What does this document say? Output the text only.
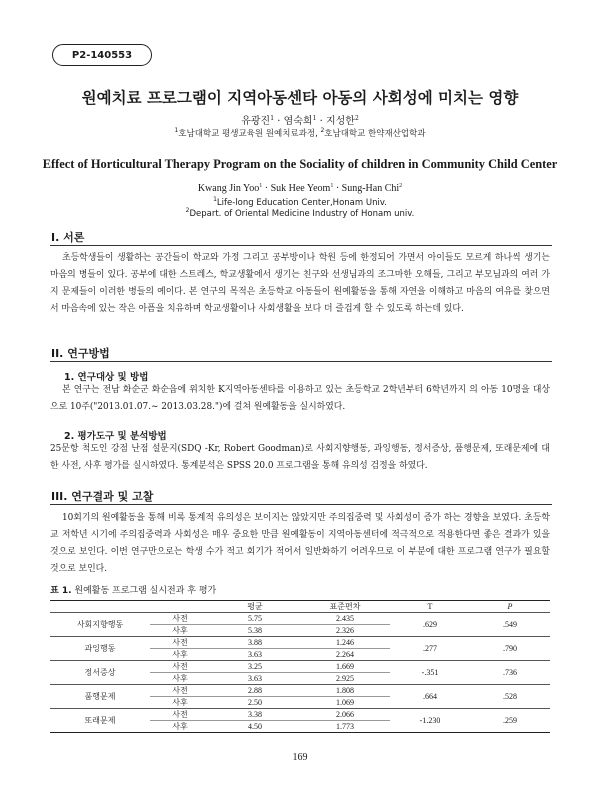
P2-140553
원예치료 프로그램이 지역아동센타 아동의 사회성에 미치는 영향
유광진$^1$ · 염숙희$^1$ · 지성한$^2$
$^1$호남대학교 평생교육원 원예치료과정, $^2$호남대학교 한약재산업학과
Effect of Horticultural Therapy Program on the Sociality of children in Community Child Center
Kwang Jin Yoo$^1$ · Suk Hee Yeom$^1$ · Sung-Han Chi$^2$
$^1$Life-long Education Center,Honam Univ.
$^2$Depart. of Oriental Medicine Industry of Honam univ.
I. 서론
초등학생들이 생활하는 공간들이 학교와 가정 그리고 공부방이나 학원 등에 한정되어 가면서 아이들도 모르게 하나씩 생기는 마음의 병들이 있다. 공부에 대한 스트레스, 학교생활에서 생기는 친구와 선생님과의 조그마한 오해들, 그리고 부모님과의 여러 가지 문제들이 이러한 병들의 예이다. 본 연구의 목적은 초등학교 아동들이 원예활동을 통해 자연을 이해하고 마음의 여유를 찾으면서 마음속에 있는 작은 아픔을 치유하며 학교생활이나 사회생활을 보다 더 즐겁게 할 수 있도록 하는데 있다.
II. 연구방법
1. 연구대상 및 방법
본 연구는 전남 화순군 화순읍에 위치한 K지역아동센타를 이용하고 있는 초등학교 2학년부터 6학년까지 의 아동 10명을 대상으로 10주("2013.01.07.~ 2013.03.28.")에 걸쳐 원예활동을 실시하였다.
2. 평가도구 및 분석방법
25문항 척도인 강점 난점 설문지(SDQ -Kr, Robert Goodman)로 사회지향행동, 과잉행동, 정서증상, 품행문제, 또래문제에 대한 사전, 사후 평가를 실시하였다. 통계분석은 SPSS 20.0 프로그램을 통해 유의성 검정을 하였다.
III. 연구결과 및 고찰
10회기의 원예활동을 통해 비록 통계적 유의성은 보이지는 않았지만 주의집중력 및 사회성이 증가 하는 경향을 보였다. 초등학교 저학년 시기에 주의집중력과 사회성은 매우 중요한 만큼 원예활동이 지역아동센터에 적극적으로 적용한다면 좋은 결과가 있을 것으로 보인다. 이번 연구만으로는 학생 수가 적고 회기가 적어서 일반화하기 어려우므로 이 부분에 대한 프로그램 연구가 필요할 것으로 보인다.
표 1. 원예활동 프로그램 실시전과 후 평가
		평균	표준편차	T	P
사회지향행동	사전	5.75	2.435	.629	.549
	사후	5.38	2.326		
과잉행동	사전	3.88	1.246	.277	.790
	사후	3.63	2.264		
정서증상	사전	3.25	1.669	-.351	.736
	사후	3.63	2.925		
품행문제	사전	2.88	1.808	.664	.528
	사후	2.50	1.069		
또래문제	사전	3.38	2.066	-1.230	.259
	사후	4.50	1.773		
169
